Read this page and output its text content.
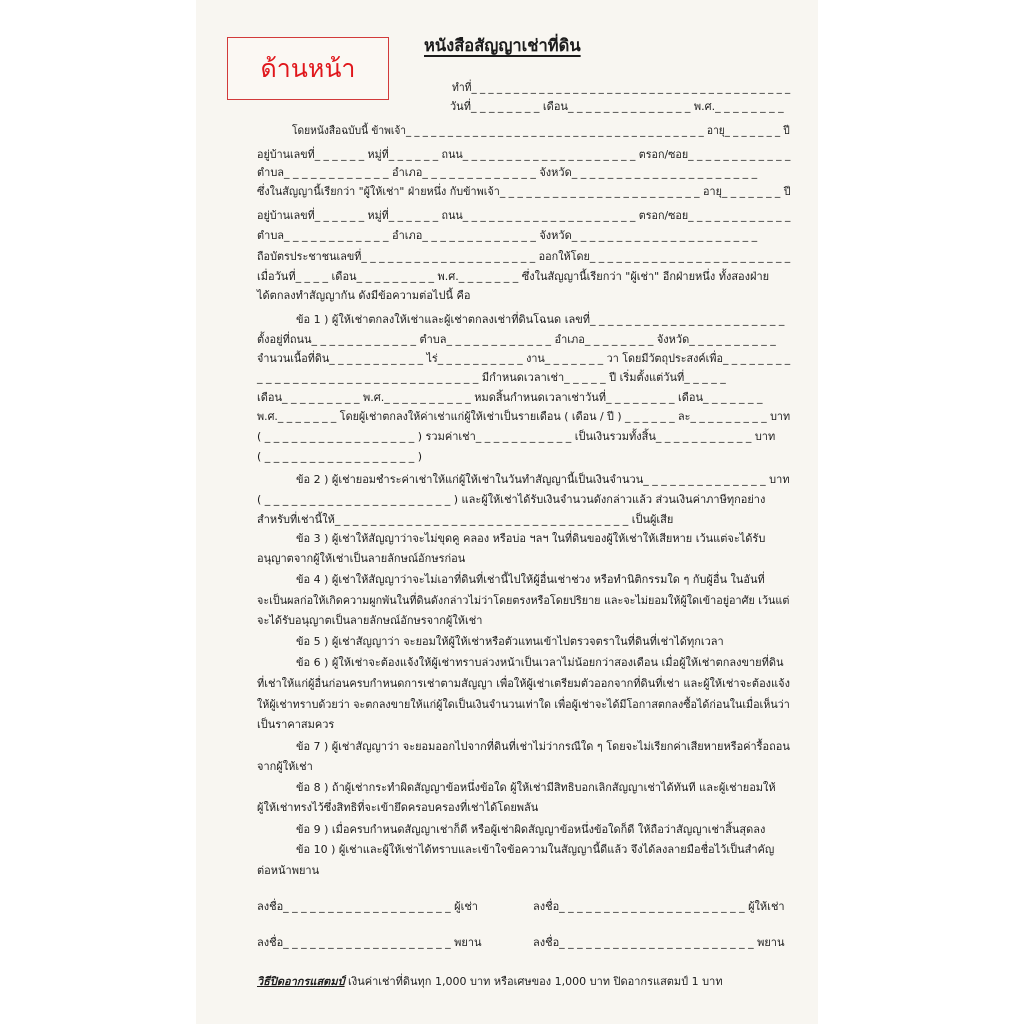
ด้านหน้า
หนังสือสัญญาเช่าที่ดิน
ทำที่_ _ _ _ _ _ _ _ _ _ _ _ _ _ _ _ _ _ _ _ _ _ _ _ _ _ _ _ _ _ _ _ _ _ _ _ _ _
วันที่_ _ _ _ _ _ _ _ เดือน_ _ _ _ _ _ _ _ _ _ _ _ _ _ พ.ศ._ _ _ _ _ _ _ _
โดยหนังสือฉบับนี้ ข้าพเจ้า_ _ _ _ _ _ _ _ _ _ _ _ _ _ _ _ _ _ _ _ _ _ _ _ _ _ _ _ _ _ _ _ _ _ _ _ อายุ_ _ _ _ _ _ _ ปี
อยู่บ้านเลขที่_ _ _ _ _ _ หมู่ที่_ _ _ _ _ _ ถนน_ _ _ _ _ _ _ _ _ _ _ _ _ _ _ _ _ _ _ _ ตรอก/ซอย_ _ _ _ _ _ _ _ _ _ _ _
ตำบล_ _ _ _ _ _ _ _ _ _ _ _ อำเภอ_ _ _ _ _ _ _ _ _ _ _ _ _ จังหวัด_ _ _ _ _ _ _ _ _ _ _ _ _ _ _ _ _ _ _ _ _
ซึ่งในสัญญานี้เรียกว่า "ผู้ให้เช่า" ฝ่ายหนึ่ง กับข้าพเจ้า_ _ _ _ _ _ _ _ _ _ _ _ _ _ _ _ _ _ _ _ _ _ _ อายุ_ _ _ _ _ _ _ ปี
อยู่บ้านเลขที่_ _ _ _ _ _ หมู่ที่_ _ _ _ _ _ ถนน_ _ _ _ _ _ _ _ _ _ _ _ _ _ _ _ _ _ _ _ ตรอก/ซอย_ _ _ _ _ _ _ _ _ _ _ _
ตำบล_ _ _ _ _ _ _ _ _ _ _ _ อำเภอ_ _ _ _ _ _ _ _ _ _ _ _ _ จังหวัด_ _ _ _ _ _ _ _ _ _ _ _ _ _ _ _ _ _ _ _ _
ถือบัตรประชาชนเลขที่_ _ _ _ _ _ _ _ _ _ _ _ _ _ _ _ _ _ _ _ ออกให้โดย_ _ _ _ _ _ _ _ _ _ _ _ _ _ _ _ _ _ _ _ _ _ _
เมื่อวันที่_ _ _ _ เดือน_ _ _ _ _ _ _ _ _ พ.ศ._ _ _ _ _ _ _ ซึ่งในสัญญานี้เรียกว่า "ผู้เช่า" อีกฝ่ายหนึ่ง ทั้งสองฝ่าย
ได้ตกลงทำสัญญากัน ดังมีข้อความต่อไปนี้ คือ
ข้อ 1 ) ผู้ให้เช่าตกลงให้เช่าและผู้เช่าตกลงเช่าที่ดินโฉนด เลขที่_ _ _ _ _ _ _ _ _ _ _ _ _ _ _ _ _ _ _ _ _ _
ตั้งอยู่ที่ถนน_ _ _ _ _ _ _ _ _ _ _ _ ตำบล_ _ _ _ _ _ _ _ _ _ _ _ อำเภอ_ _ _ _ _ _ _ _ จังหวัด_ _ _ _ _ _ _ _ _ _
จำนวนเนื้อที่ดิน_ _ _ _ _ _ _ _ _ _ _ ไร่_ _ _ _ _ _ _ _ _ _ งาน_ _ _ _ _ _ _ วา โดยมีวัตถุประสงค์เพื่อ_ _ _ _ _ _ _ _
_ _ _ _ _ _ _ _ _ _ _ _ _ _ _ _ _ _ _ _ _ _ _ _ _ มีกำหนดเวลาเช่า_ _ _ _ _ ปี เริ่มตั้งแต่วันที่_ _ _ _ _
เดือน_ _ _ _ _ _ _ _ _ พ.ศ._ _ _ _ _ _ _ _ _ _ หมดสิ้นกำหนดเวลาเช่าวันที่_ _ _ _ _ _ _ _ เดือน_ _ _ _ _ _ _
พ.ศ._ _ _ _ _ _ _ โดยผู้เช่าตกลงให้ค่าเช่าแก่ผู้ให้เช่าเป็นรายเดือน ( เดือน / ปี ) _ _ _ _ _ _ ละ_ _ _ _ _ _ _ _ _ บาท
( _ _ _ _ _ _ _ _ _ _ _ _ _ _ _ _ _ ) รวมค่าเช่า_ _ _ _ _ _ _ _ _ _ _ เป็นเงินรวมทั้งสิ้น_ _ _ _ _ _ _ _ _ _ _ บาท
( _ _ _ _ _ _ _ _ _ _ _ _ _ _ _ _ _ )
ข้อ 2 ) ผู้เช่ายอมชำระค่าเช่าให้แก่ผู้ให้เช่าในวันทำสัญญานี้เป็นเงินจำนวน_ _ _ _ _ _ _ _ _ _ _ _ _ _ บาท
( _ _ _ _ _ _ _ _ _ _ _ _ _ _ _ _ _ _ _ _ _ ) และผู้ให้เช่าได้รับเงินจำนวนดังกล่าวแล้ว ส่วนเงินค่าภาษีทุกอย่าง
สำหรับที่เช่านี้ให้_ _ _ _ _ _ _ _ _ _ _ _ _ _ _ _ _ _ _ _ _ _ _ _ _ _ _ _ _ _ _ _ _ เป็นผู้เสีย
ข้อ 3 ) ผู้เช่าให้สัญญาว่าจะไม่ขุดคู คลอง หรือบ่อ ฯลฯ ในที่ดินของผู้ให้เช่าให้เสียหาย เว้นแต่จะได้รับ
อนุญาตจากผู้ให้เช่าเป็นลายลักษณ์อักษรก่อน
ข้อ 4 ) ผู้เช่าให้สัญญาว่าจะไม่เอาที่ดินที่เช่านี้ไปให้ผู้อื่นเช่าช่วง หรือทำนิติกรรมใด ๆ กับผู้อื่น ในอันที่
จะเป็นผลก่อให้เกิดความผูกพันในที่ดินดังกล่าวไม่ว่าโดยตรงหรือโดยปริยาย และจะไม่ยอมให้ผู้ใดเข้าอยู่อาศัย เว้นแต่
จะได้รับอนุญาตเป็นลายลักษณ์อักษรจากผู้ให้เช่า
ข้อ 5 ) ผู้เช่าสัญญาว่า จะยอมให้ผู้ให้เช่าหรือตัวแทนเข้าไปตรวจตราในที่ดินที่เช่าได้ทุกเวลา
ข้อ 6 ) ผู้ให้เช่าจะต้องแจ้งให้ผู้เช่าทราบล่วงหน้าเป็นเวลาไม่น้อยกว่าสองเดือน เมื่อผู้ให้เช่าตกลงขายที่ดิน
ที่เช่าให้แก่ผู้อื่นก่อนครบกำหนดการเช่าตามสัญญา เพื่อให้ผู้เช่าเตรียมตัวออกจากที่ดินที่เช่า และผู้ให้เช่าจะต้องแจ้ง
ให้ผู้เช่าทราบด้วยว่า จะตกลงขายให้แก่ผู้ใดเป็นเงินจำนวนเท่าใด เพื่อผู้เช่าจะได้มีโอกาสตกลงซื้อได้ก่อนในเมื่อเห็นว่า
เป็นราคาสมควร
ข้อ 7 ) ผู้เช่าสัญญาว่า จะยอมออกไปจากที่ดินที่เช่าไม่ว่ากรณีใด ๆ โดยจะไม่เรียกค่าเสียหายหรือค่ารื้อถอน
จากผู้ให้เช่า
ข้อ 8 ) ถ้าผู้เช่ากระทำผิดสัญญาข้อหนึ่งข้อใด ผู้ให้เช่ามีสิทธิบอกเลิกสัญญาเช่าได้ทันที และผู้เช่ายอมให้
ผู้ให้เช่าทรงไว้ซึ่งสิทธิที่จะเข้ายึดครอบครองที่เช่าได้โดยพลัน
ข้อ 9 ) เมื่อครบกำหนดสัญญาเช่าก็ดี หรือผู้เช่าผิดสัญญาข้อหนึ่งข้อใดก็ดี ให้ถือว่าสัญญาเช่าสิ้นสุดลง
ข้อ 10 ) ผู้เช่าและผู้ให้เช่าได้ทราบและเข้าใจข้อความในสัญญานี้ดีแล้ว จึงได้ลงลายมือชื่อไว้เป็นสำคัญ
ต่อหน้าพยาน
ลงชื่อ_ _ _ _ _ _ _ _ _ _ _ _ _ _ _ _ _ _ _ ผู้เช่า	ลงชื่อ_ _ _ _ _ _ _ _ _ _ _ _ _ _ _ _ _ _ _ _ _ ผู้ให้เช่า
ลงชื่อ_ _ _ _ _ _ _ _ _ _ _ _ _ _ _ _ _ _ _ พยาน	ลงชื่อ_ _ _ _ _ _ _ _ _ _ _ _ _ _ _ _ _ _ _ _ _ _ พยาน
วิธีปิดอากรแสตมป์ เงินค่าเช่าที่ดินทุก 1,000 บาท หรือเศษของ 1,000 บาท ปิดอากรแสตมป์ 1 บาท
